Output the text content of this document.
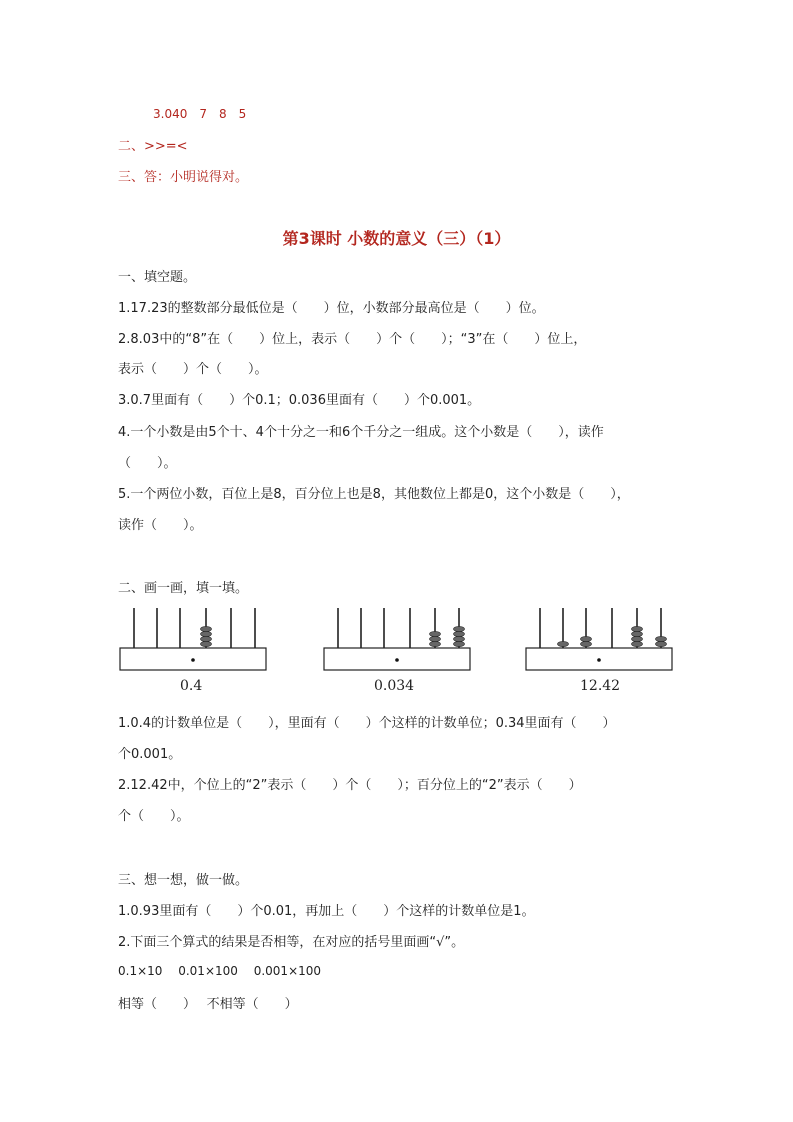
3.040　7　8　5
二、>>=<
三、答：小明说得对。
第3课时 小数的意义（三）（1）
一、填空题。
1.17.23的整数部分最低位是（　　）位，小数部分最高位是（　　）位。
2.8.03中的“8”在（　　）位上，表示（　　）个（　　）；“3”在（　　）位上，
表示（　　）个（　　）。
3.0.7里面有（　　）个0.1；0.036里面有（　　）个0.001。
4.一个小数是由5个十、4个十分之一和6个千分之一组成。这个小数是（　　），读作
（　　）。
5.一个两位小数，百位上是8，百分位上也是8，其他数位上都是0，这个小数是（　　），
读作（　　）。
二、画一画，填一填。
0.4	0.034	12.42
1.0.4的计数单位是（　　），里面有（　　）个这样的计数单位；0.34里面有（　　）
个0.001。
2.12.42中，个位上的“2”表示（　　）个（　　）；百分位上的“2”表示（　　）
个（　　）。
三、想一想，做一做。
1.0.93里面有（　　）个0.01，再加上（　　）个这样的计数单位是1。
2.下面三个算式的结果是否相等，在对应的括号里面画“√”。
0.1×10　 0.01×100　 0.001×100
相等（　　）　 不相等（　　）
